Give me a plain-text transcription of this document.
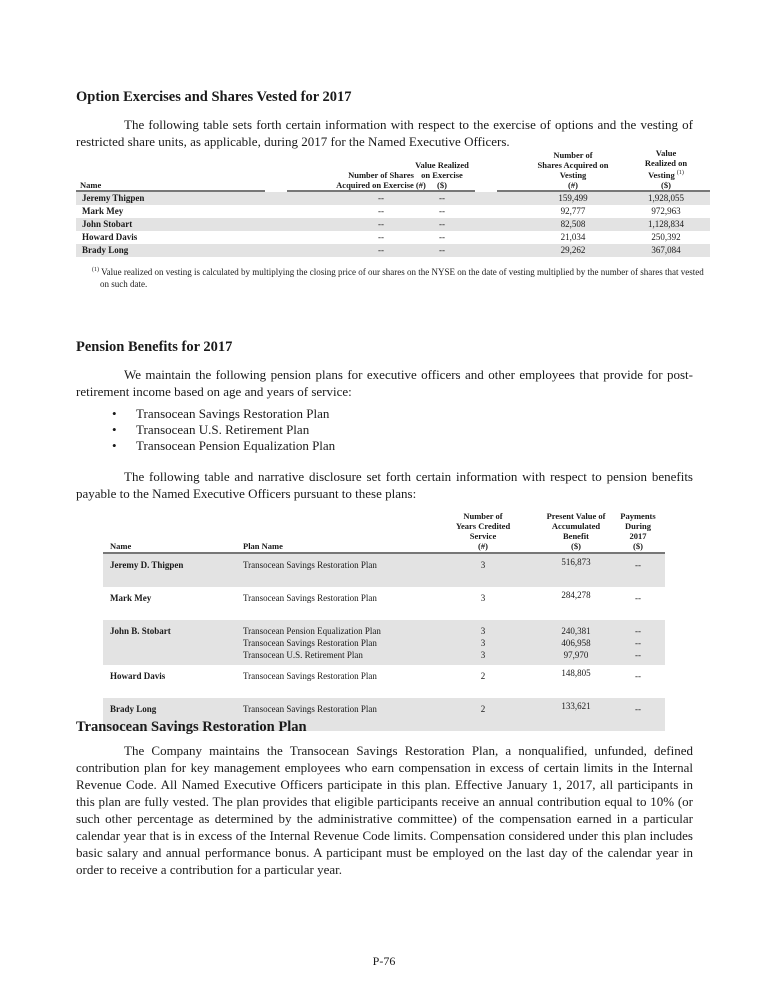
Option Exercises and Shares Vested for 2017

The following table sets forth certain information with respect to the exercise of options and the vesting of restricted share units, as applicable, during 2017 for the Named Executive Officers.

Name
Number of Shares
Acquired on Exercise (#)
Value Realized
on Exercise
($)
Number of
Shares Acquired on
Vesting
(#)
Value
Realized on
Vesting $^{(1)}$
($)
Jeremy Thigpen	--	--	159,499	1,928,055
Mark Mey	--	--	92,777	972,963
John Stobart	--	--	82,508	1,128,834
Howard Davis	--	--	21,034	250,392
Brady Long	--	--	29,262	367,084
$^{(1)}$ Value realized on vesting is calculated by multiplying the closing price of our shares on the NYSE on the date of vesting multiplied by the number of shares that vested on such date.
Pension Benefits for 2017

We maintain the following pension plans for executive officers and other employees that provide for post-retirement income based on age and years of service:

• Transocean Savings Restoration Plan
• Transocean U.S. Retirement Plan
• Transocean Pension Equalization Plan

The following table and narrative disclosure set forth certain information with respect to pension benefits payable to the Named Executive Officers pursuant to these plans:

Name	Plan Name
Number of
Years Credited
Service
(#)
Present Value of
Accumulated
Benefit
($)
Payments
During
2017
($)
Jeremy D. Thigpen	Transocean Savings Restoration Plan	3	516,873	--
Mark Mey	Transocean Savings Restoration Plan	3	284,278	--
John B. Stobart	Transocean Pension Equalization Plan	3	240,381	--
Transocean Savings Restoration Plan	3	406,958	--
Transocean U.S. Retirement Plan	3	97,970	--
Howard Davis	Transocean Savings Restoration Plan	2	148,805	--
Brady Long	Transocean Savings Restoration Plan	2	133,621	--
Transocean Savings Restoration Plan

The Company maintains the Transocean Savings Restoration Plan, a nonqualified, unfunded, defined contribution plan for key management employees who earn compensation in excess of certain limits in the Internal Revenue Code. All Named Executive Officers participate in this plan. Effective January 1, 2017, all participants in this plan are fully vested. The plan provides that eligible participants receive an annual contribution equal to 10% (or such other percentage as determined by the administrative committee) of the compensation earned in a particular calendar year that is in excess of the Internal Revenue Code limits. Compensation considered under this plan includes basic salary and annual performance bonus. A participant must be employed on the last day of the calendar year in order to receive a contribution for a particular year.

P-76
